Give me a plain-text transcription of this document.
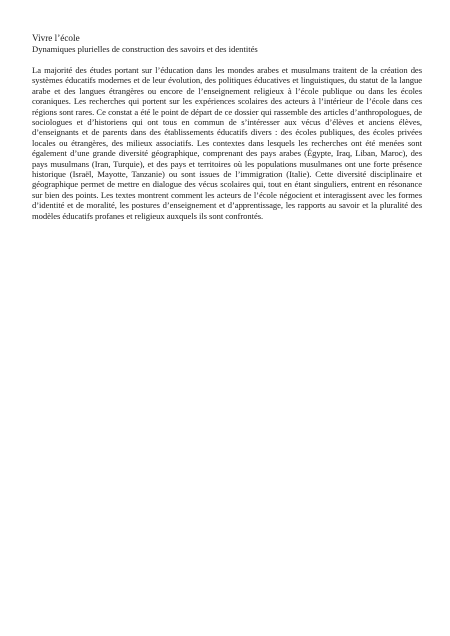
Vivre l’école

Dynamiques plurielles de construction des savoirs et des identités

La majorité des études portant sur l’éducation dans les mondes arabes et musulmans traitent de la création des systèmes éducatifs modernes et de leur évolution, des politiques éducatives et linguistiques, du statut de la langue arabe et des langues étrangères ou encore de l’enseignement religieux à l’école publique ou dans les écoles coraniques. Les recherches qui portent sur les expériences scolaires des acteurs à l’intérieur de l’école dans ces régions sont rares. Ce constat a été le point de départ de ce dossier qui rassemble des articles d’anthropologues, de sociologues et d’historiens qui ont tous en commun de s’intéresser aux vécus d’élèves et anciens élèves, d’enseignants et de parents dans des établissements éducatifs divers : des écoles publiques, des écoles privées locales ou étrangères, des milieux associatifs. Les contextes dans lesquels les recherches ont été menées sont également d’une grande diversité géographique, comprenant des pays arabes (Égypte, Iraq, Liban, Maroc), des pays musulmans (Iran, Turquie), et des pays et territoires où les populations musulmanes ont une forte présence historique (Israël, Mayotte, Tanzanie) ou sont issues de l’immigration (Italie). Cette diversité disciplinaire et géographique permet de mettre en dialogue des vécus scolaires qui, tout en étant singuliers, entrent en résonance sur bien des points. Les textes montrent comment les acteurs de l’école négocient et interagissent avec les formes d’identité et de moralité, les postures d’enseignement et d’apprentissage, les rapports au savoir et la pluralité des modèles éducatifs profanes et religieux auxquels ils sont confrontés.
